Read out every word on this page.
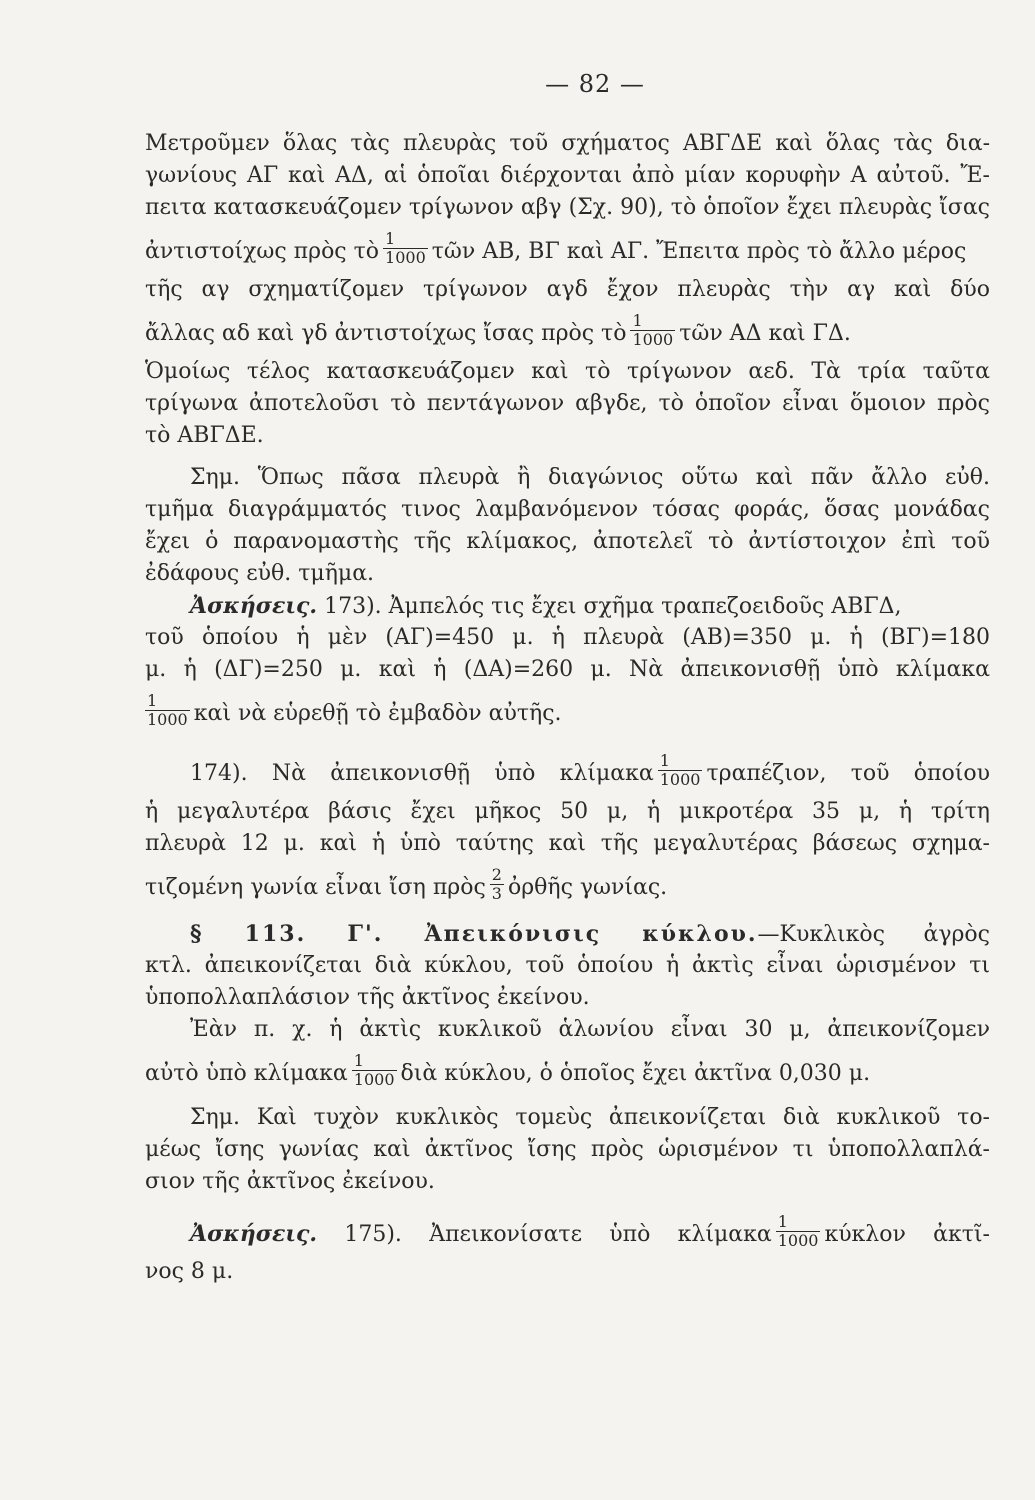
— 82 —
Μετροῦμεν ὅλας τὰς πλευρὰς τοῦ σχήματος ΑΒΓΔΕ καὶ ὅλας τὰς δια-
γωνίους ΑΓ καὶ ΑΔ, αἱ ὁποῖαι διέρχονται ἀπὸ μίαν κορυφὴν Α αὐτοῦ. Ἔ-
πειτα κατασκευάζομεν τρίγωνον αβγ (Σχ. 90), τὸ ὁποῖον ἔχει πλευρὰς ἴσας
ἀντιστοίχως πρὸς τὸ $\frac{1}{1000}$ τῶν ΑΒ, ΒΓ καὶ ΑΓ. Ἔπειτα πρὸς τὸ ἄλλο μέρος
τῆς αγ σχηματίζομεν τρίγωνον αγδ ἔχον πλευρὰς τὴν αγ καὶ δύο
ἄλλας αδ καὶ γδ ἀντιστοίχως ἴσας πρὸς τὸ $\frac{1}{1000}$ τῶν ΑΔ καὶ ΓΔ.
Ὁμοίως τέλος κατασκευάζομεν καὶ τὸ τρίγωνον αεδ. Τὰ τρία ταῦτα
τρίγωνα ἀποτελοῦσι τὸ πεντάγωνον αβγδε, τὸ ὁποῖον εἶναι ὅμοιον πρὸς
τὸ ΑΒΓΔΕ.
Σημ. Ὅπως πᾶσα πλευρὰ ἢ διαγώνιος οὕτω καὶ πᾶν ἄλλο εὐθ.
τμῆμα διαγράμματός τινος λαμβανόμενον τόσας φοράς, ὅσας μονάδας
ἔχει ὁ παρανομαστὴς τῆς κλίμακος, ἀποτελεῖ τὸ ἀντίστοιχον ἐπὶ τοῦ
ἐδάφους εὐθ. τμῆμα.
Ἀσκήσεις. 173). Ἀμπελός τις ἔχει σχῆμα τραπεζοειδοῦς ΑΒΓΔ,
τοῦ ὁποίου ἡ μὲν (ΑΓ)=450 μ. ἡ πλευρὰ (ΑΒ)=350 μ. ἡ (ΒΓ)=180
μ. ἡ (ΔΓ)=250 μ. καὶ ἡ (ΔΑ)=260 μ. Νὰ ἀπεικονισθῇ ὑπὸ κλίμακα
$\frac{1}{1000}$ καὶ νὰ εὑρεθῇ τὸ ἐμβαδὸν αὐτῆς.
174). Νὰ ἀπεικονισθῇ ὑπὸ κλίμακα $\frac{1}{1000} \tau\rho\alpha\pi έ\zeta\iota o\nu$, τοῦ ὁποίου
ἡ μεγαλυτέρα βάσις ἔχει μῆκος 50 μ, ἡ μικροτέρα 35 μ, ἡ τρίτη
πλευρὰ 12 μ. καὶ ἡ ὑπὸ ταύτης καὶ τῆς μεγαλυτέρας βάσεως σχημα-
τιζομένη γωνία εἶναι ἴση πρὸς $\frac{2}{3}$ ὀρθῆς γωνίας.
§ 113. Γ'. Ἀπεικόνισις κύκλου.—Κυκλικὸς ἀγρὸς
κτλ. ἀπεικονίζεται διὰ κύκλου, τοῦ ὁποίου ἡ ἀκτὶς εἶναι ὡρισμένον τι
ὑποπολλαπλάσιον τῆς ἀκτῖνος ἐκείνου.
Ἐὰν π. χ. ἡ ἀκτὶς κυκλικοῦ ἁλωνίου εἶναι 30 μ, ἀπεικονίζομεν
αὐτὸ ὑπὸ κλίμακα $\frac{1}{1000}$ διὰ κύκλου, ὁ ὁποῖος ἔχει ἀκτῖνα 0,030 μ.
Σημ. Καὶ τυχὸν κυκλικὸς τομεὺς ἀπεικονίζεται διὰ κυκλικοῦ το-
μέως ἴσης γωνίας καὶ ἀκτῖνος ἴσης πρὸς ὡρισμένον τι ὑποπολλαπλά-
σιον τῆς ἀκτῖνος ἐκείνου.
Ἀσκήσεις. 175). Ἀπεικονίσατε ὑπὸ κλίμακα $\frac{1}{1000}$ κύκλον ἀκτῖ-
νος 8 μ.
